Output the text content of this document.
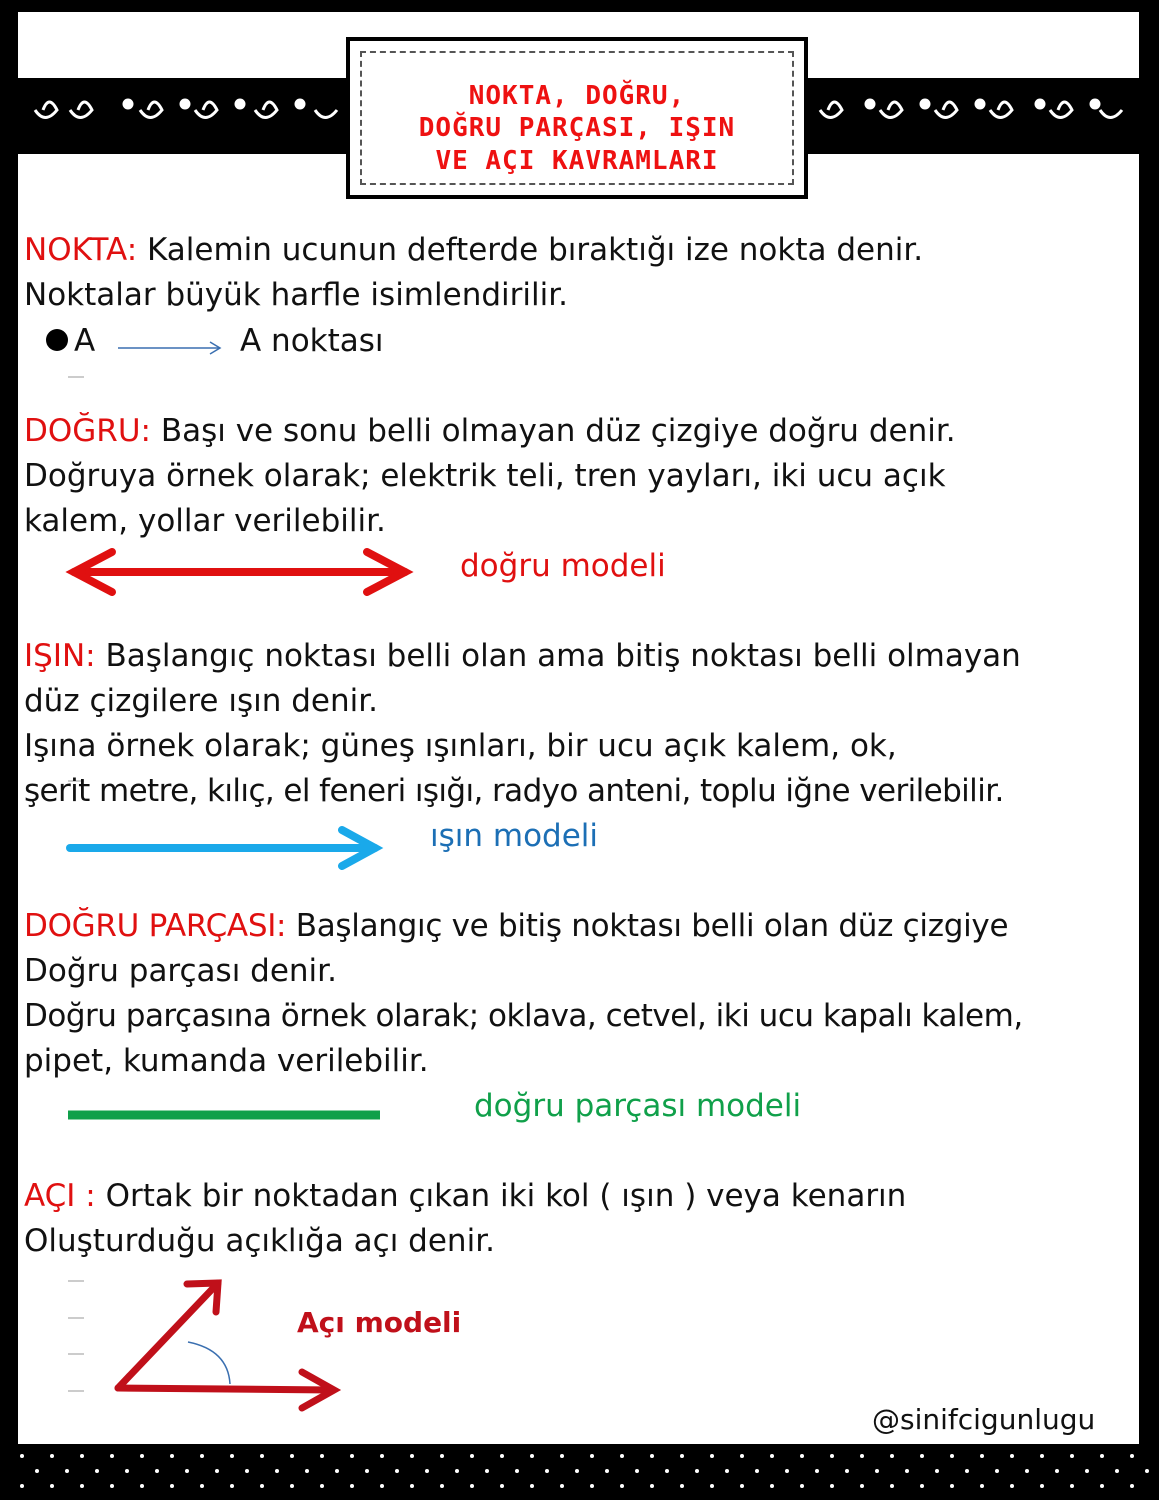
NOKTA, DOĞRU,
DOĞRU PARÇASI, IŞIN
VE AÇI KAVRAMLARI
NOKTA: Kalemin ucunun defterde bıraktığı ize nokta denir.
Noktalar büyük harfle isimlendirilir.
A	A noktası
DOĞRU: Başı ve sonu belli olmayan düz çizgiye doğru denir.
Doğruya örnek olarak; elektrik teli, tren yayları, iki ucu açık
kalem, yollar verilebilir.
doğru modeli
IŞIN: Başlangıç noktası belli olan ama bitiş noktası belli olmayan
düz çizgilere ışın denir.
Işına örnek olarak; güneş ışınları, bir ucu açık kalem, ok,
şerit metre, kılıç, el feneri ışığı, radyo anteni, toplu iğne verilebilir.
ışın modeli
DOĞRU PARÇASI: Başlangıç ve bitiş noktası belli olan düz çizgiye
Doğru parçası denir.
Doğru parçasına örnek olarak; oklava, cetvel, iki ucu kapalı kalem,
pipet, kumanda verilebilir.
doğru parçası modeli
AÇI : Ortak bir noktadan çıkan iki kol ( ışın ) veya kenarın
Oluşturduğu açıklığa açı denir.
Açı modeli
@sinifcigunlugu
